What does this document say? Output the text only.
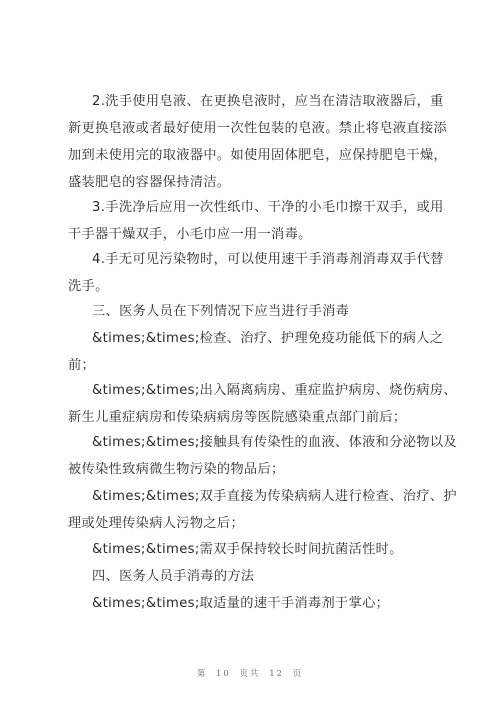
2.洗手使用皂液、在更换皂液时，应当在清洁取液器后，重
新更换皂液或者最好使用一次性包装的皂液。禁止将皂液直接添
加到未使用完的取液器中。如使用固体肥皂，应保持肥皂干燥，
盛装肥皂的容器保持清洁。
3.手洗净后应用一次性纸巾、干净的小毛巾擦干双手，或用
干手器干燥双手，小毛巾应一用一消毒。
4.手无可见污染物时，可以使用速干手消毒剂消毒双手代替
洗手。
三、医务人员在下列情况下应当进行手消毒
&times;&times;检查、治疗、护理免疫功能低下的病人之
前；
&times;&times;出入隔离病房、重症监护病房、烧伤病房、
新生儿重症病房和传染病病房等医院感染重点部门前后；
&times;&times;接触具有传染性的血液、体液和分泌物以及
被传染性致病微生物污染的物品后；
&times;&times;双手直接为传染病病人进行检查、治疗、护
理或处理传染病人污物之后；
&times;&times;需双手保持较长时间抗菌活性时。
四、医务人员手消毒的方法
&times;&times;取适量的速干手消毒剂于掌心；
第 10 页共 12 页
